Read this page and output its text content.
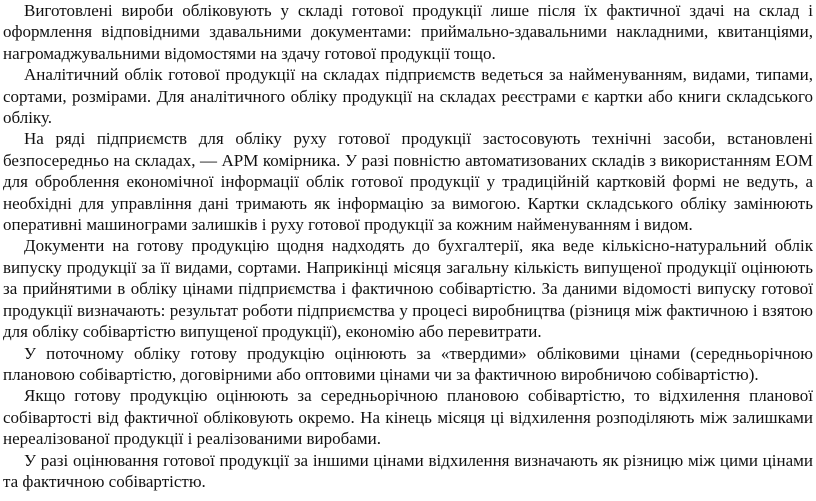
Виготовлені вироби обліковують у складі готової продукції лише після їх фактичної здачі на склад і оформлення відповідними здавальними документами: приймально-здавальними накладними, квитанціями, нагромаджувальними відомостями на здачу готової продукції тощо.

Аналітичний облік готової продукції на складах підприємств ведеться за найменуванням, видами, типами, сортами, розмірами. Для аналітичного обліку продукції на складах реєстрами є картки або книги складського обліку.

На ряді підприємств для обліку руху готової продукції застосовують технічні засоби, встановлені безпосередньо на складах, — АРМ комірника. У разі повністю автоматизованих складів з використанням ЕОМ для оброблення економічної інформації облік готової продукції у традиційній картковій формі не ведуть, а необхідні для управління дані тримають як інформацію за вимогою. Картки складського обліку замінюють оперативні машинограми залишків і руху готової продукції за кожним найменуванням і видом.

Документи на готову продукцію щодня надходять до бухгалтерії, яка веде кількісно-натуральний облік випуску продукції за її видами, сортами. Наприкінці місяця загальну кількість випущеної продукції оцінюють за прийнятими в обліку цінами підприємства і фактичною собівартістю. За даними відомості випуску готової продукції визначають: результат роботи підприємства у процесі виробництва (різниця між фактичною і взятою для обліку собівартістю випущеної продукції), економію або перевитрати.

У поточному обліку готову продукцію оцінюють за «твердими» обліковими цінами (середньорічною плановою собівартістю, договірними або оптовими цінами чи за фактичною виробничою собівартістю).

Якщо готову продукцію оцінюють за середньорічною плановою собівартістю, то відхилення планової собівартості від фактичної обліковують окремо. На кінець місяця ці відхилення розподіляють між залишками нереалізованої продукції і реалізованими виробами.

У разі оцінювання готової продукції за іншими цінами відхилення визначають як різницю між цими цінами та фактичною собівартістю.
